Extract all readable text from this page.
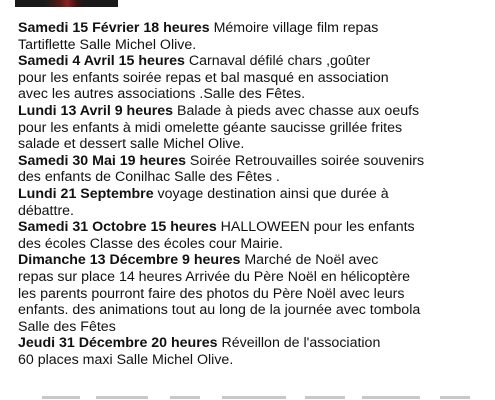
Samedi 15 Février 18 heures Mémoire village film repas
Tartiflette Salle Michel Olive.

Samedi 4 Avril 15 heures Carnaval défilé chars ,goûter
pour les enfants soirée repas et bal masqué en association
avec les autres associations .Salle des Fêtes.

Lundi 13 Avril 9 heures Balade à pieds avec chasse aux oeufs
pour les enfants à midi omelette géante saucisse grillée frites
salade et dessert salle Michel Olive.

Samedi 30 Mai 19 heures Soirée Retrouvailles soirée souvenirs
des enfants de Conilhac Salle des Fêtes .

Lundi 21 Septembre voyage destination ainsi que durée à
débattre.

Samedi 31 Octobre 15 heures HALLOWEEN pour les enfants
des écoles Classe des écoles cour Mairie.

Dimanche 13 Décembre 9 heures Marché de Noël avec
repas sur place 14 heures Arrivée du Père Noël en hélicoptère
les parents pourront faire des photos du Père Noël avec leurs
enfants. des animations tout au long de la journée avec tombola
Salle des Fêtes

Jeudi 31 Décembre 20 heures Réveillon de l'association
60 places maxi Salle Michel Olive.
